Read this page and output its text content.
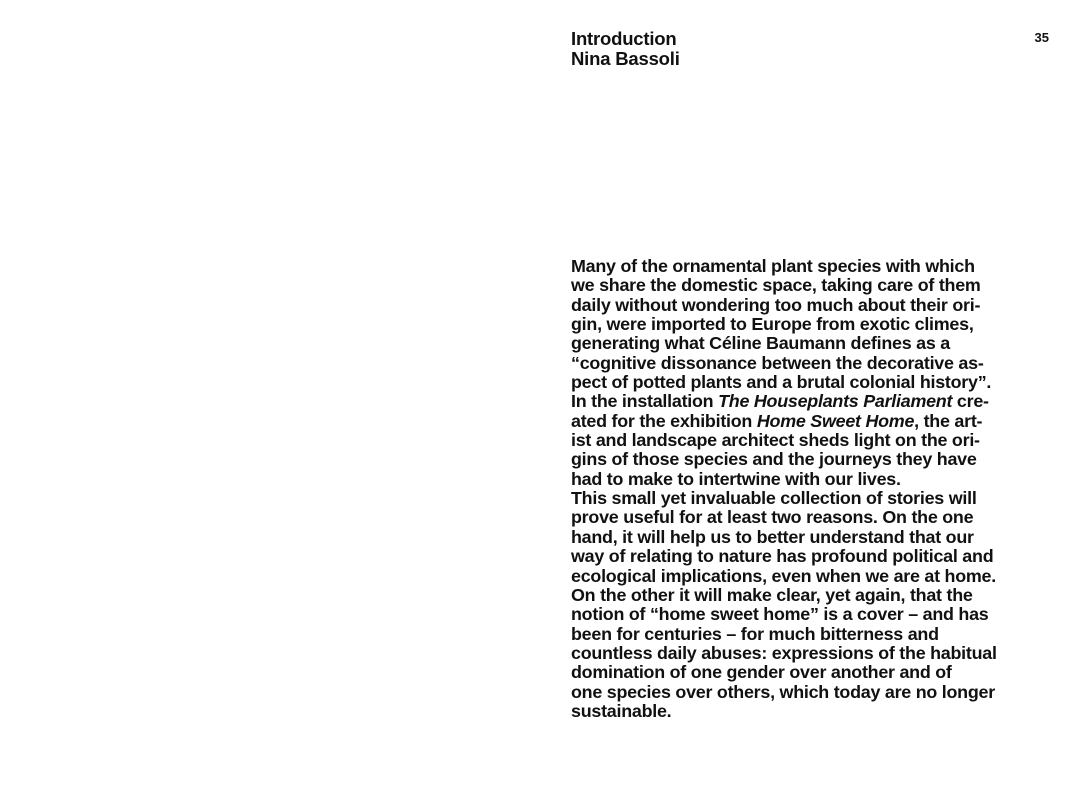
Introduction
Nina Bassoli
35
Many of the ornamental plant species with which
we share the domestic space, taking care of them
daily without wondering too much about their ori-
gin, were imported to Europe from exotic climes,
generating what Céline Baumann defines as a
“cognitive dissonance between the decorative as-
pect of potted plants and a brutal colonial history”.
In the installation The Houseplants Parliament cre-
ated for the exhibition Home Sweet Home, the art-
ist and landscape architect sheds light on the ori-
gins of those species and the journeys they have
had to make to intertwine with our lives.
This small yet invaluable collection of stories will
prove useful for at least two reasons. On the one
hand, it will help us to better understand that our
way of relating to nature has profound political and
ecological implications, even when we are at home.
On the other it will make clear, yet again, that the
notion of “home sweet home” is a cover – and has
been for centuries – for much bitterness and
countless daily abuses: expressions of the habitual
domination of one gender over another and of
one species over others, which today are no longer
sustainable.
